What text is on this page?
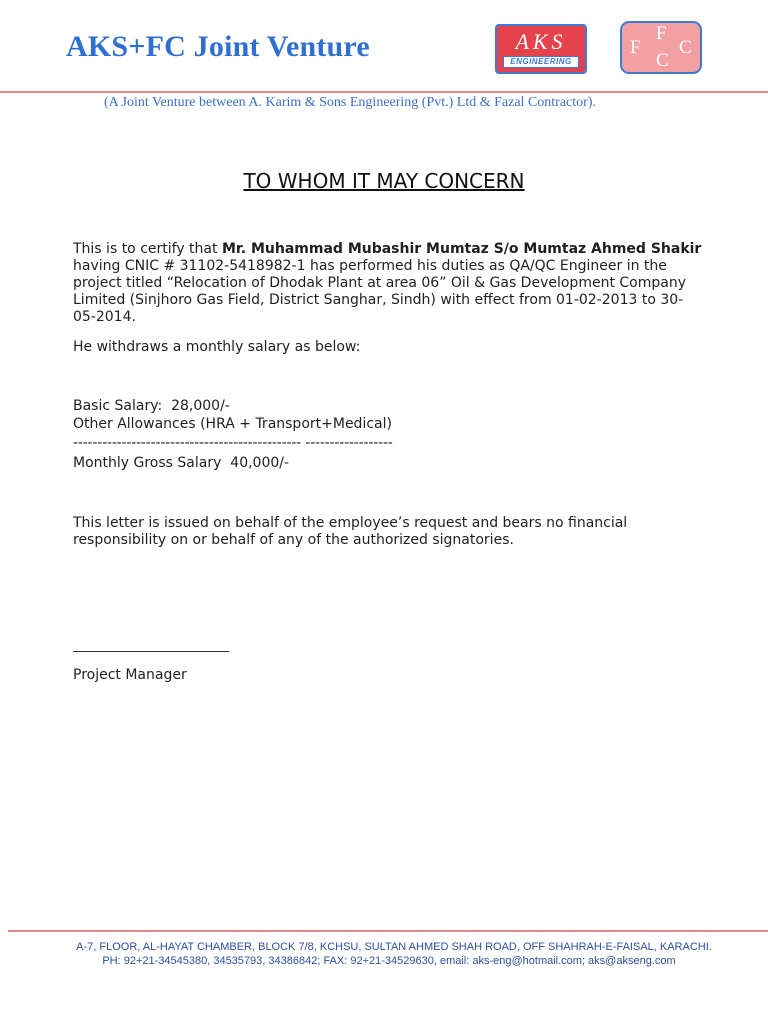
AKS+FC Joint Venture	AKS
ENGINEERING
F
F C
C
(A Joint Venture between A. Karim & Sons Engineering (Pvt.) Ltd & Fazal Contractor).
TO WHOM IT MAY CONCERN
This is to certify that Mr. Muhammad Mubashir Mumtaz S/o Mumtaz Ahmed Shakir having CNIC # 31102-5418982-1 has performed his duties as QA/QC Engineer in the project titled “Relocation of Dhodak Plant at area 06” Oil & Gas Development Company Limited (Sinjhoro Gas Field, District Sanghar, Sindh) with effect from 01-02-2013 to 30-05-2014.
He withdraws a monthly salary as below:
Basic Salary:  28,000/-
Other Allowances (HRA + Transport+Medical)
----------------------------------------------- ------------------
Monthly Gross Salary  40,000/-
This letter is issued on behalf of the employee’s request and bears no financial responsibility on or behalf of any of the authorized signatories.
Project Manager
A-7, FLOOR, AL-HAYAT CHAMBER, BLOCK 7/8, KCHSU, SULTAN AHMED SHAH ROAD, OFF SHAHRAH-E-FAISAL, KARACHI.
PH: 92+21-34545380, 34535793, 34386842; FAX: 92+21-34529630, email: aks-eng@hotmail.com; aks@akseng.com
